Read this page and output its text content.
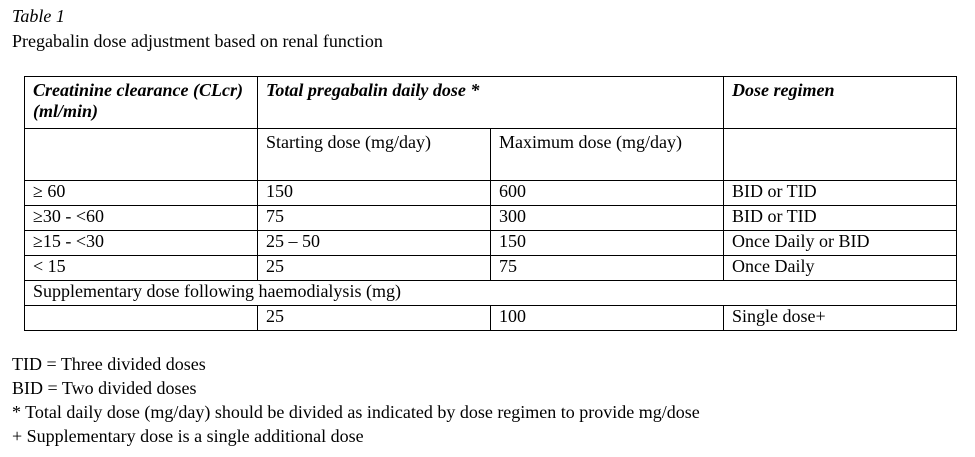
Table 1
Pregabalin dose adjustment based on renal function
Creatinine clearance (CLcr) (ml/min)	Total pregabalin daily dose *		Dose regimen
	Starting dose (mg/day)	Maximum dose (mg/day)	
≥ 60	150	600	BID or TID
≥30 - <60	75	300	BID or TID
≥15 - <30	25 – 50	150	Once Daily or BID
< 15	25	75	Once Daily
Supplementary dose following haemodialysis (mg)			
	25	100	Single dose+
TID = Three divided doses
BID = Two divided doses
* Total daily dose (mg/day) should be divided as indicated by dose regimen to provide mg/dose
+ Supplementary dose is a single additional dose
